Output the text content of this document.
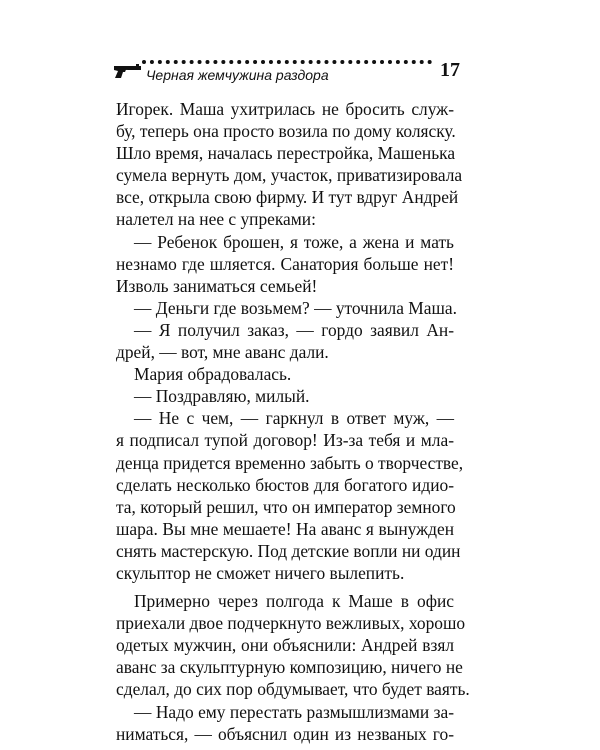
Черная жемчужина раздора	17
Игорек. Маша ухитрилась не бросить служ-
бу, теперь она просто возила по дому коляску.
Шло время, началась перестройка, Машенька
сумела вернуть дом, участок, приватизировала
все, открыла свою фирму. И тут вдруг Андрей
налетел на нее с упреками:
— Ребенок брошен, я тоже, а жена и мать
незнамо где шляется. Санатория больше нет!
Изволь заниматься семьей!
— Деньги где возьмем? — уточнила Маша.
— Я получил заказ, — гордо заявил Ан-
дрей, — вот, мне аванс дали.
Мария обрадовалась.
— Поздравляю, милый.
— Не с чем, — гаркнул в ответ муж, —
я подписал тупой договор! Из-за тебя и мла-
денца придется временно забыть о творчестве,
сделать несколько бюстов для богатого идио-
та, который решил, что он император земного
шара. Вы мне мешаете! На аванс я вынужден
снять мастерскую. Под детские вопли ни один
скульптор не сможет ничего вылепить.
Примерно через полгода к Маше в офис
приехали двое подчеркнуто вежливых, хорошо
одетых мужчин, они объяснили: Андрей взял
аванс за скульптурную композицию, ничего не
сделал, до сих пор обдумывает, что будет ваять.
— Надо ему перестать размышлизмами за-
ниматься, — объяснил один из незваных го-
